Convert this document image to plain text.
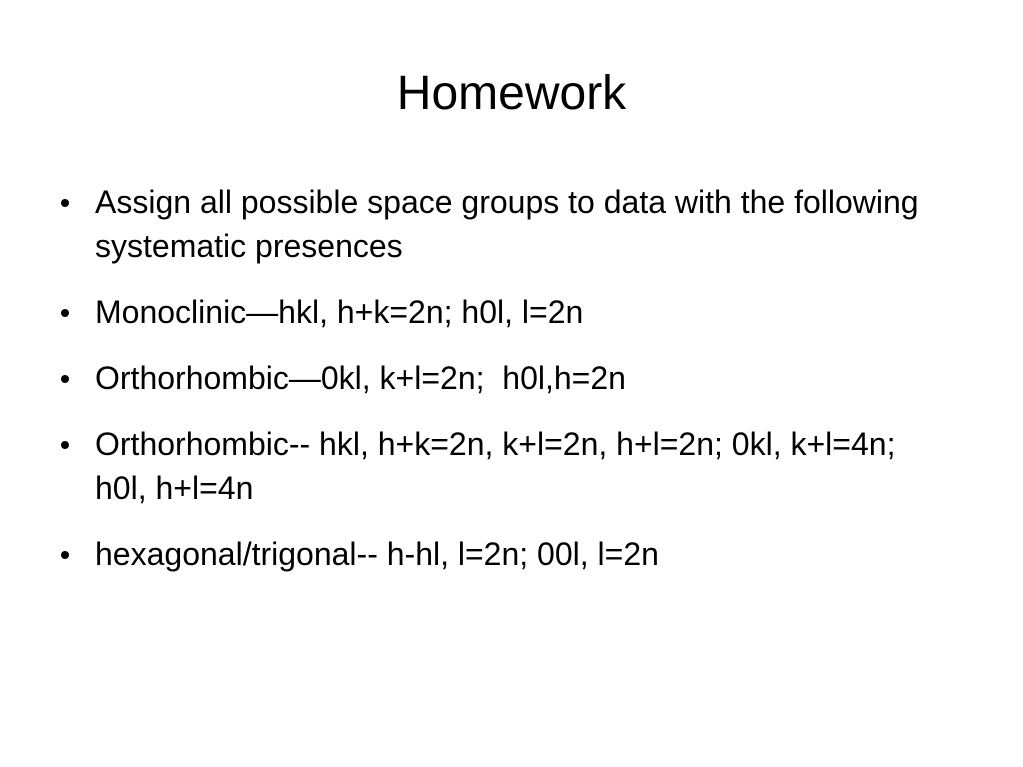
Homework
Assign all possible space groups to data with the following systematic presences
Monoclinic—hkl, h+k=2n; h0l, l=2n
Orthorhombic—0kl, k+l=2n;  h0l,h=2n
Orthorhombic-- hkl, h+k=2n, k+l=2n, h+l=2n; 0kl, k+l=4n; h0l, h+l=4n
hexagonal/trigonal-- h-hl, l=2n; 00l, l=2n
